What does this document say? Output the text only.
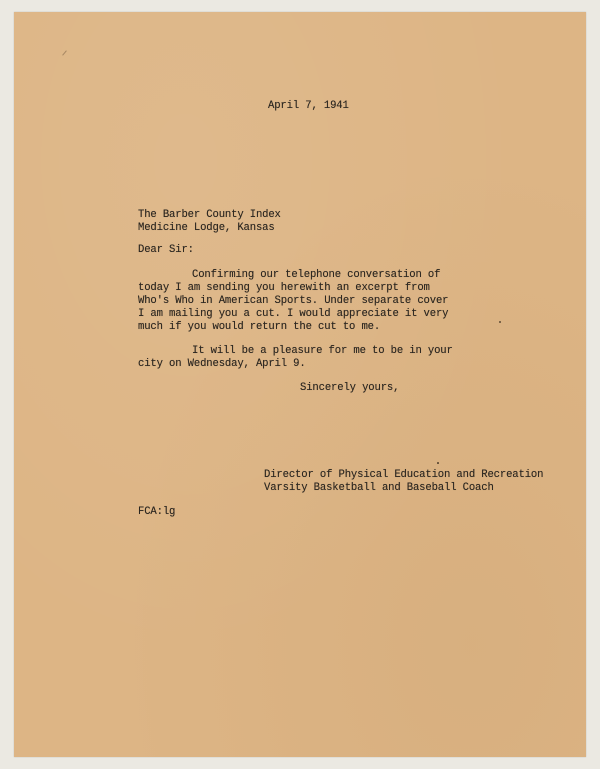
April 7, 1941
The Barber County Index
Medicine Lodge, Kansas
Dear Sir:
Confirming our telephone conversation of
today I am sending you herewith an excerpt from
Who's Who in American Sports. Under separate cover
I am mailing you a cut. I would appreciate it very
much if you would return the cut to me.
It will be a pleasure for me to be in your
city on Wednesday, April 9.
Sincerely yours,
Director of Physical Education and Recreation
Varsity Basketball and Baseball Coach
FCA:lg
